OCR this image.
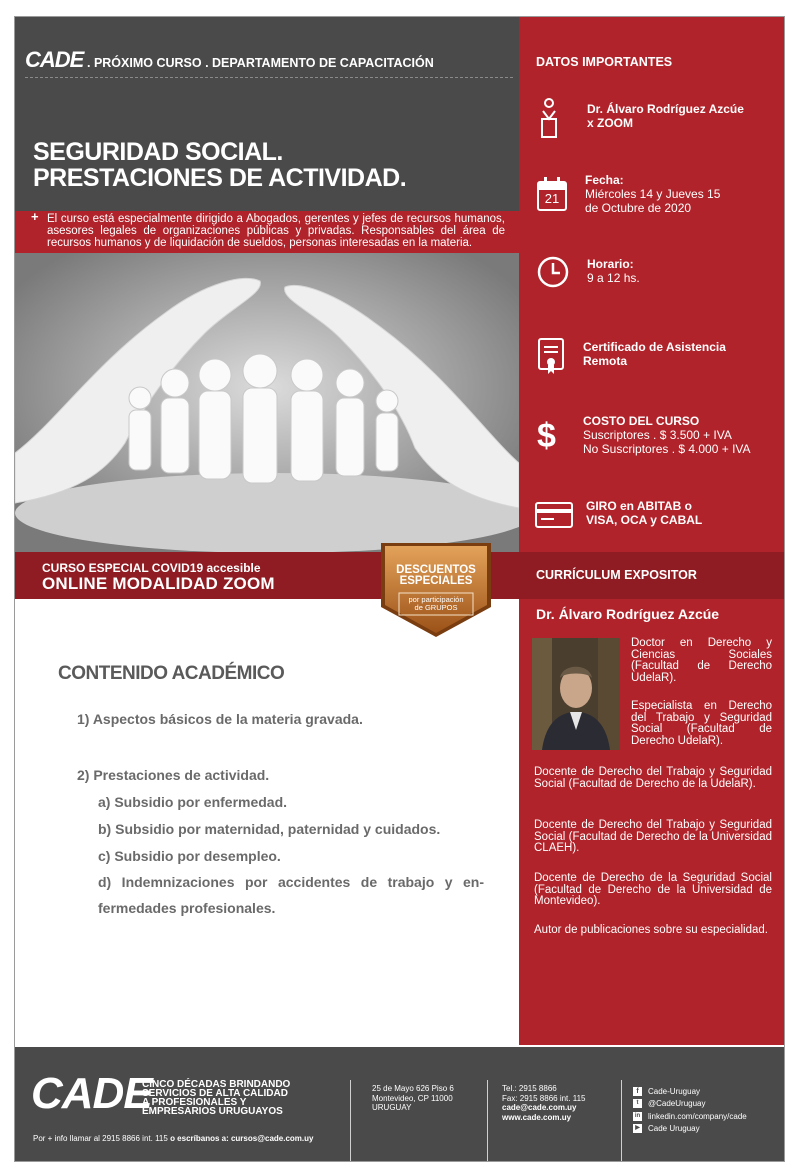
CADE . PRÓXIMO CURSO . DEPARTAMENTO DE CAPACITACIÓN
SEGURIDAD SOCIAL.
PRESTACIONES DE ACTIVIDAD.
+ El curso está especialmente dirigido a Abogados, gerentes y jefes de recursos humanos, asesores legales de organizaciones públicas y privadas. Responsables del área de recursos humanos y de liquidación de sueldos, personas interesadas en la materia.
DATOS IMPORTANTES
Dr. Álvaro Rodríguez Azcúe
x ZOOM
21
Fecha:
Miércoles 14 y Jueves 15
de Octubre de 2020
Horario:
9 a 12 hs.
Certificado de Asistencia
Remota
$ COSTO DEL CURSO
Suscriptores . $ 3.500 + IVA
No Suscriptores . $ 4.000 + IVA
GIRO en ABITAB o
VISA, OCA y CABAL
CURSO ESPECIAL COVID19 accesible
ONLINE MODALIDAD ZOOM	CURRÍCULUM EXPOSITOR
DESCUENTOS
ESPECIALES
por participación
de GRUPOS	Dr. Álvaro Rodríguez Azcúe
Doctor en Derecho y Ciencias Sociales (Facultad de Derecho UdelaR).
Especialista en Derecho del Trabajo y Seguridad Social (Facultad de Derecho UdelaR).
Docente de Derecho del Trabajo y Seguridad Social (Facultad de Derecho de la UdelaR).
Docente de Derecho del Trabajo y Seguridad Social (Facultad de Derecho de la Universidad CLAEH).
Docente de Derecho de la Seguridad Social (Facultad de Derecho de la Universidad de Montevideo).
Autor de publicaciones sobre su especialidad.
CONTENIDO ACADÉMICO
1) Aspectos básicos de la materia gravada.
2) Prestaciones de actividad.
a) Subsidio por enfermedad.
b) Subsidio por maternidad, paternidad y cuidados.
c) Subsidio por desempleo.
d) Indemnizaciones por accidentes de trabajo y en-
fermedades profesionales.
CADE
CINCO DÉCADAS BRINDANDO
SERVICIOS DE ALTA CALIDAD
A PROFESIONALES Y
EMPRESARIOS URUGUAYOS
Por + info llamar al 2915 8866 int. 115 o escríbanos a: cursos@cade.com.uy
25 de Mayo 626 Piso 6
Montevideo, CP 11000
URUGUAY
Tel.: 2915 8866
Fax: 2915 8866 int. 115
cade@cade.com.uy
www.cade.com.uy
f	Cade-Uruguay
t	@CadeUruguay
in linkedin.com/company/cade
▶ Cade Uruguay
